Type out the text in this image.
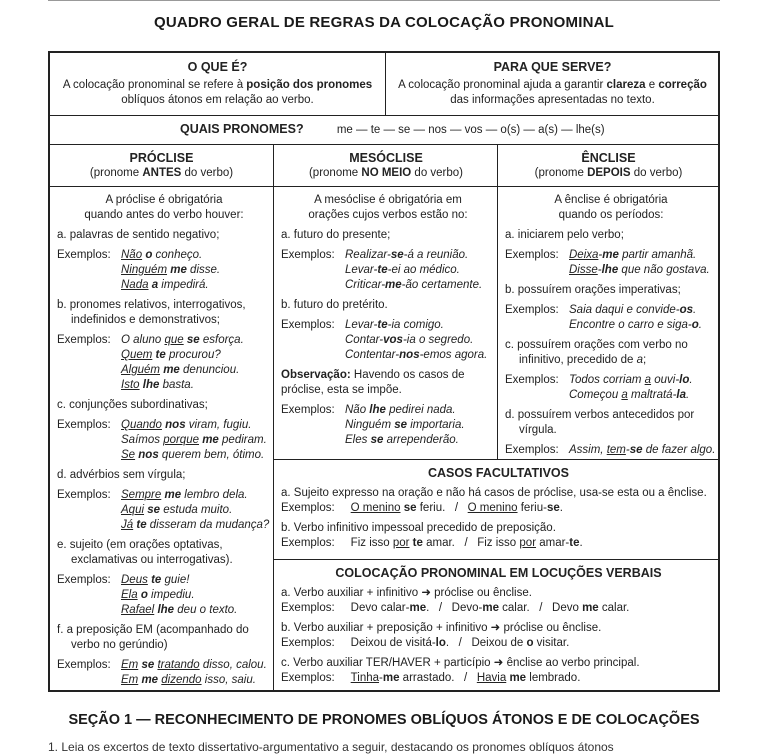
QUADRO GERAL DE REGRAS DA COLOCAÇÃO PRONOMINAL
O QUE É?
A colocação pronominal se refere à posição dos pronomes
oblíquos átonos em relação ao verbo.
PARA QUE SERVE?
A colocação pronominal ajuda a garantir clareza e correção
das informações apresentadas no texto.
QUAIS PRONOMES?	me — te — se — nos — vos — o(s) — a(s) — lhe(s)
PRÓCLISE
(pronome ANTES do verbo)
MESÓCLISE
(pronome NO MEIO do verbo)
ÊNCLISE
(pronome DEPOIS do verbo)
A próclise é obrigatória
quando antes do verbo houver:
a. palavras de sentido negativo;
Exemplos: Não o conheço.
Ninguém me disse.
Nada a impedirá.
b. pronomes relativos, interrogativos,
indefinidos e demonstrativos;
Exemplos: O aluno que se esforça.
Quem te procurou?
Alguém me denunciou.
Isto lhe basta.
c. conjunções subordinativas;
Exemplos: Quando nos viram, fugiu.
Saímos porque me pediram.
Se nos querem bem, ótimo.
d. advérbios sem vírgula;
Exemplos: Sempre me lembro dela.
Aqui se estuda muito.
Já te disseram da mudança?
e. sujeito (em orações optativas,
exclamativas ou interrogativas).
Exemplos: Deus te guie!
Ela o impediu.
Rafael lhe deu o texto.
f. a preposição EM (acompanhado do
verbo no gerúndio)
Exemplos: Em se tratando disso, calou.
Em me dizendo isso, saiu.
A mesóclise é obrigatória em
orações cujos verbos estão no:
a. futuro do presente;
Exemplos: Realizar-se-á a reunião.
Levar-te-ei ao médico.
Criticar-me-ão certamente.
b. futuro do pretérito.
Exemplos: Levar-te-ia comigo.
Contar-vos-ia o segredo.
Contentar-nos-emos agora.
Observação: Havendo os casos de
próclise, esta se impõe.
Exemplos: Não lhe pedirei nada.
Ninguém se importaria.
Eles se arrependerão.
A ênclise é obrigatória
quando os períodos:
a. iniciarem pelo verbo;
Exemplos: Deixa-me partir amanhã.
Disse-lhe que não gostava.
b. possuírem orações imperativas;
Exemplos: Saia daqui e convide-os.
Encontre o carro e siga-o.
c. possuírem orações com verbo no
infinitivo, precedido de a;
Exemplos: Todos corriam a ouvi-lo.
Começou a maltratá-la.
d. possuírem verbos antecedidos por
vírgula.
Exemplos: Assim, tem-se de fazer algo.
CASOS FACULTATIVOS
a. Sujeito expresso na oração e não há casos de próclise, usa-se esta ou a ênclise.
Exemplos: O menino se feriu.   /   O menino feriu-se.
b. Verbo infinitivo impessoal precedido de preposição.
Exemplos:     Fiz isso por te amar.   /   Fiz isso por amar-te.
COLOCAÇÃO PRONOMINAL EM LOCUÇÕES VERBAIS
a. Verbo auxiliar + infinitivo ➜ próclise ou ênclise.
Exemplos:     Devo calar-me.   /   Devo-me calar.   /   Devo me calar.
b. Verbo auxiliar + preposição + infinitivo ➜ próclise ou ênclise.
Exemplos:     Deixou de visitá-lo.   /   Deixou de o visitar.
c. Verbo auxiliar TER/HAVER + particípio ➜ ênclise ao verbo principal.
Exemplos: Tinha-me arrastado.   /   Havia me lembrado.
SEÇÃO 1 — RECONHECIMENTO DE PRONOMES OBLÍQUOS ÁTONOS E DE COLOCAÇÕES
1. Leia os excertos de texto dissertativo-argumentativo a seguir, destacando os pronomes oblíquos átonos
